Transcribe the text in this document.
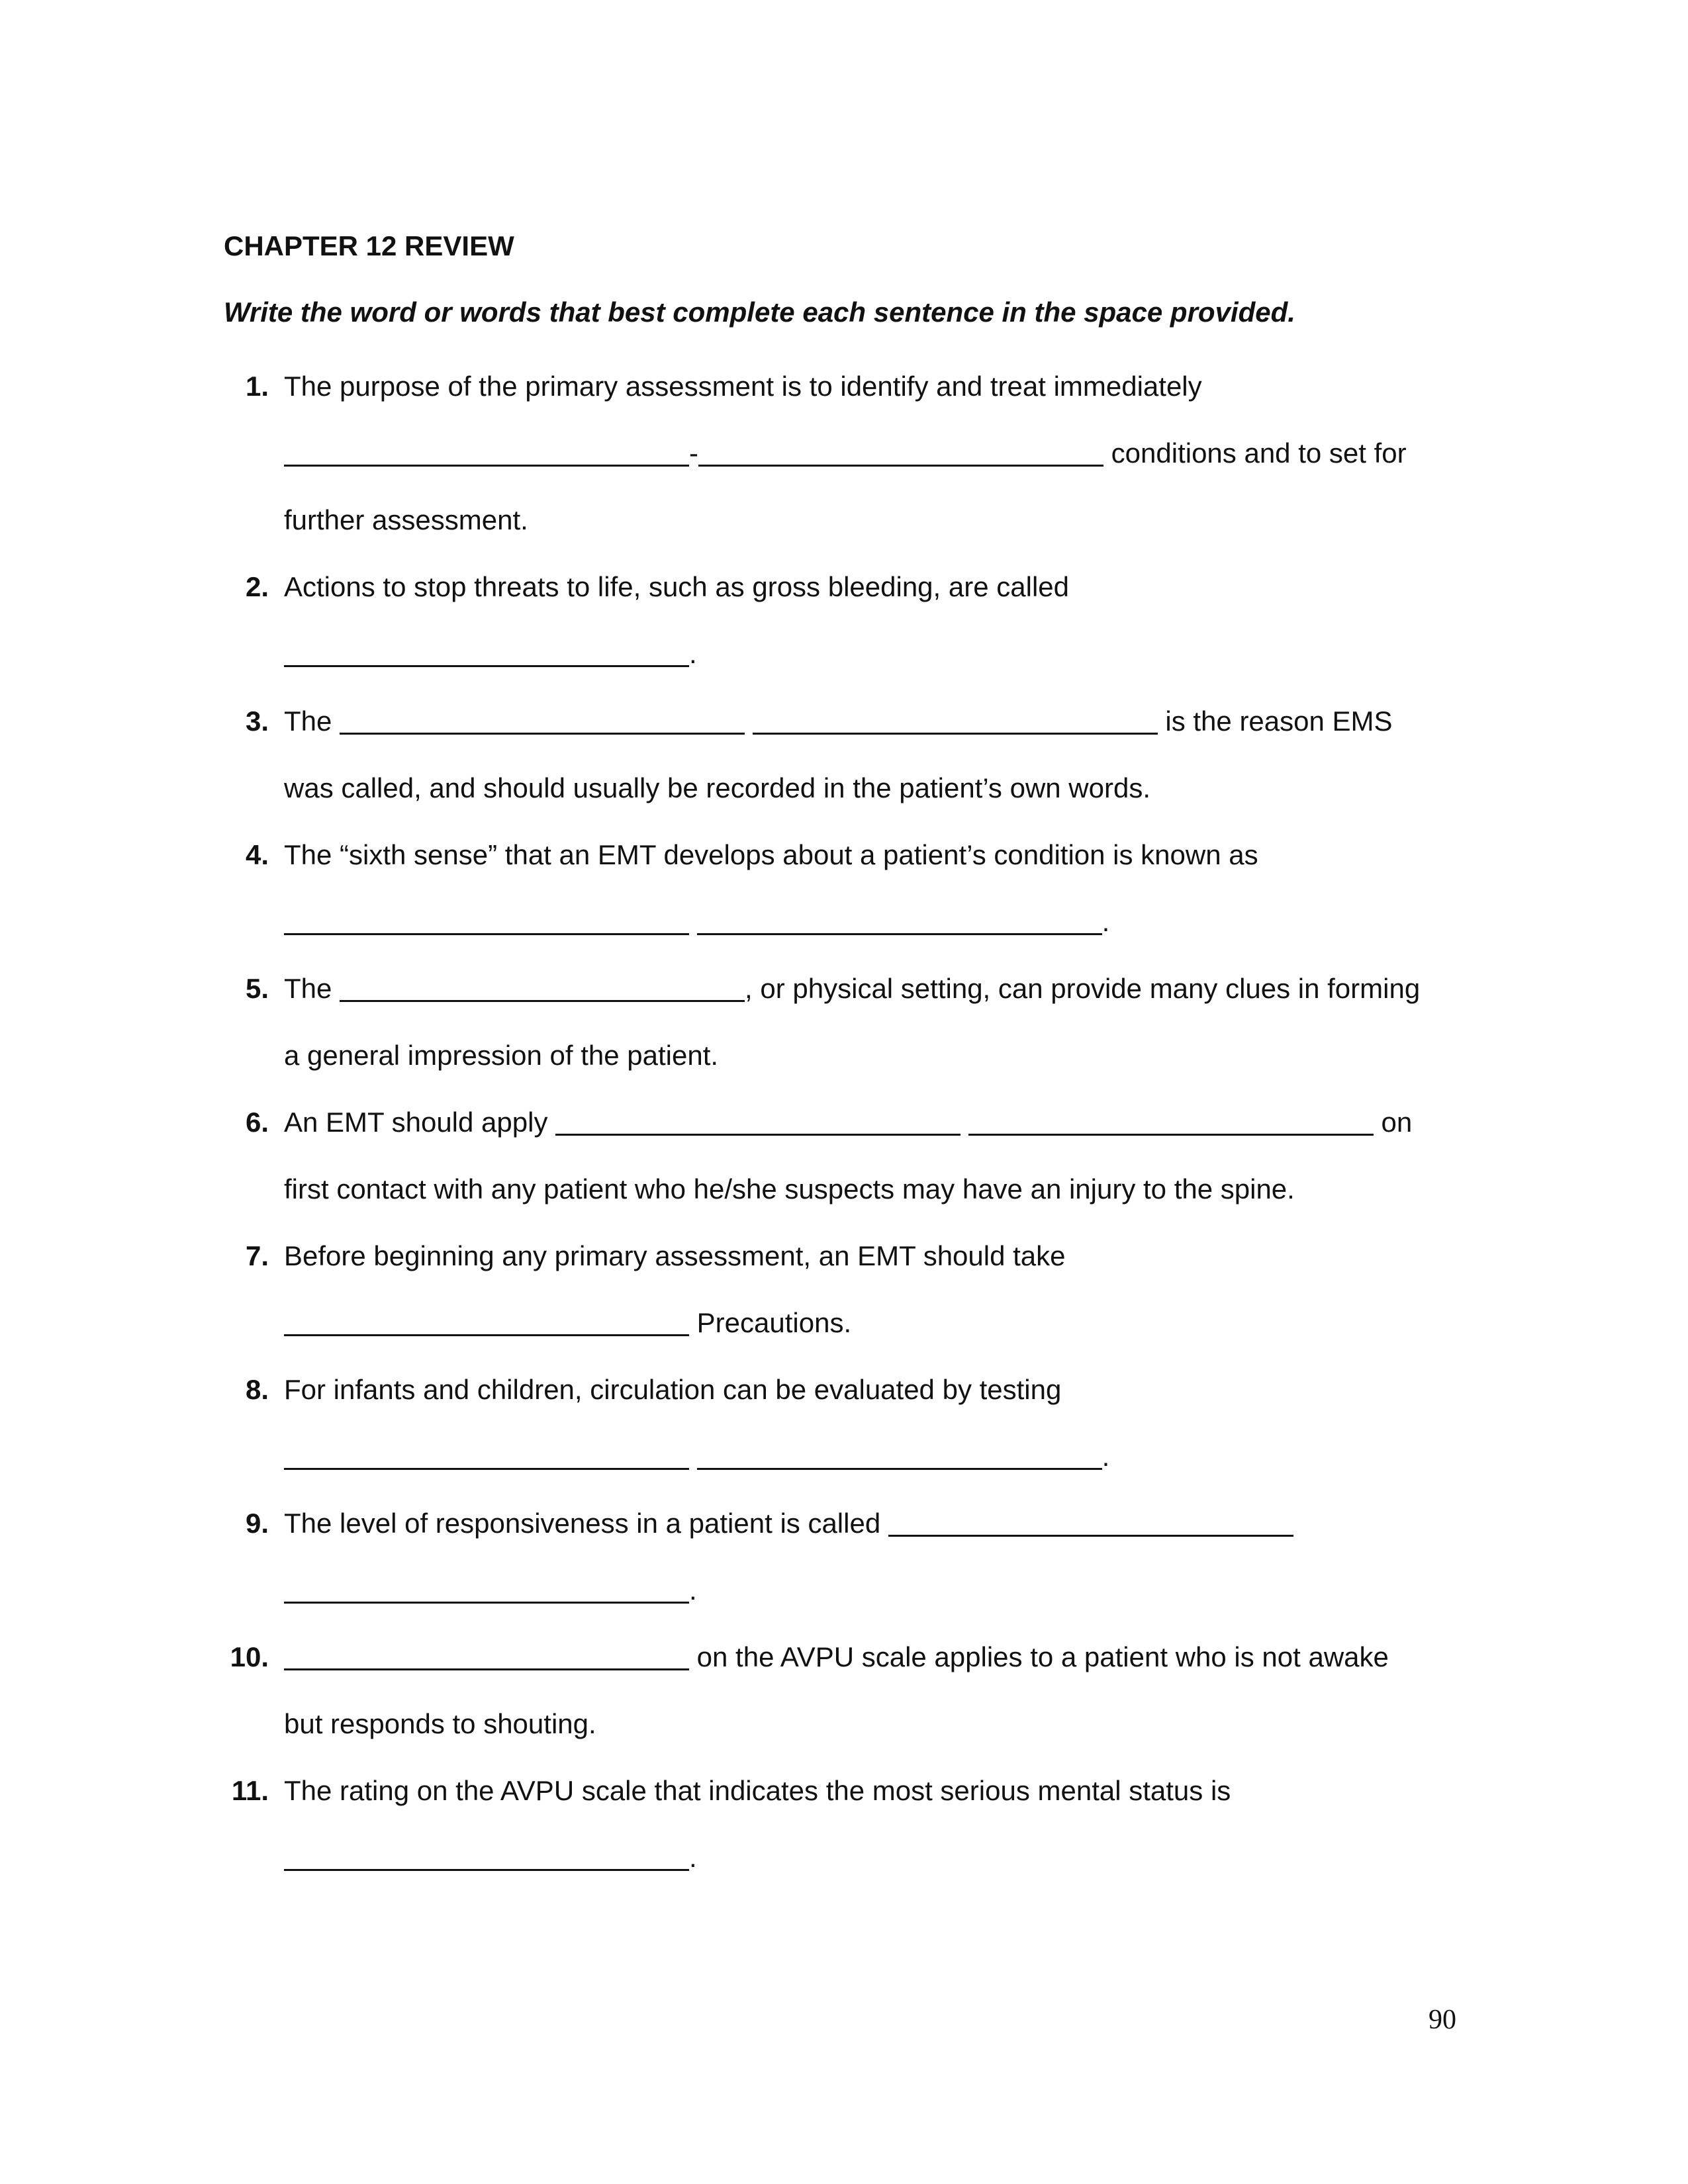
CHAPTER 12 REVIEW

Write the word or words that best complete each sentence in the space provided.

1. The purpose of the primary assessment is to identify and treat immediately
-	conditions and to set for
further assessment.
2. Actions to stop threats to life, such as gross bleeding, are called
.
3. The	is the reason EMS
was called, and should usually be recorded in the patient’s own words.
4. The “sixth sense” that an EMT develops about a patient’s condition is known as
.
5. The	, or physical setting, can provide many clues in forming
a general impression of the patient.
6. An EMT should apply	on
first contact with any patient who he/she suspects may have an injury to the spine.
7. Before beginning any primary assessment, an EMT should take
Precautions.
8. For infants and children, circulation can be evaluated by testing
.
9. The level of responsiveness in a patient is called
.
10.	on the AVPU scale applies to a patient who is not awake
but responds to shouting.
11. The rating on the AVPU scale that indicates the most serious mental status is
.

90
